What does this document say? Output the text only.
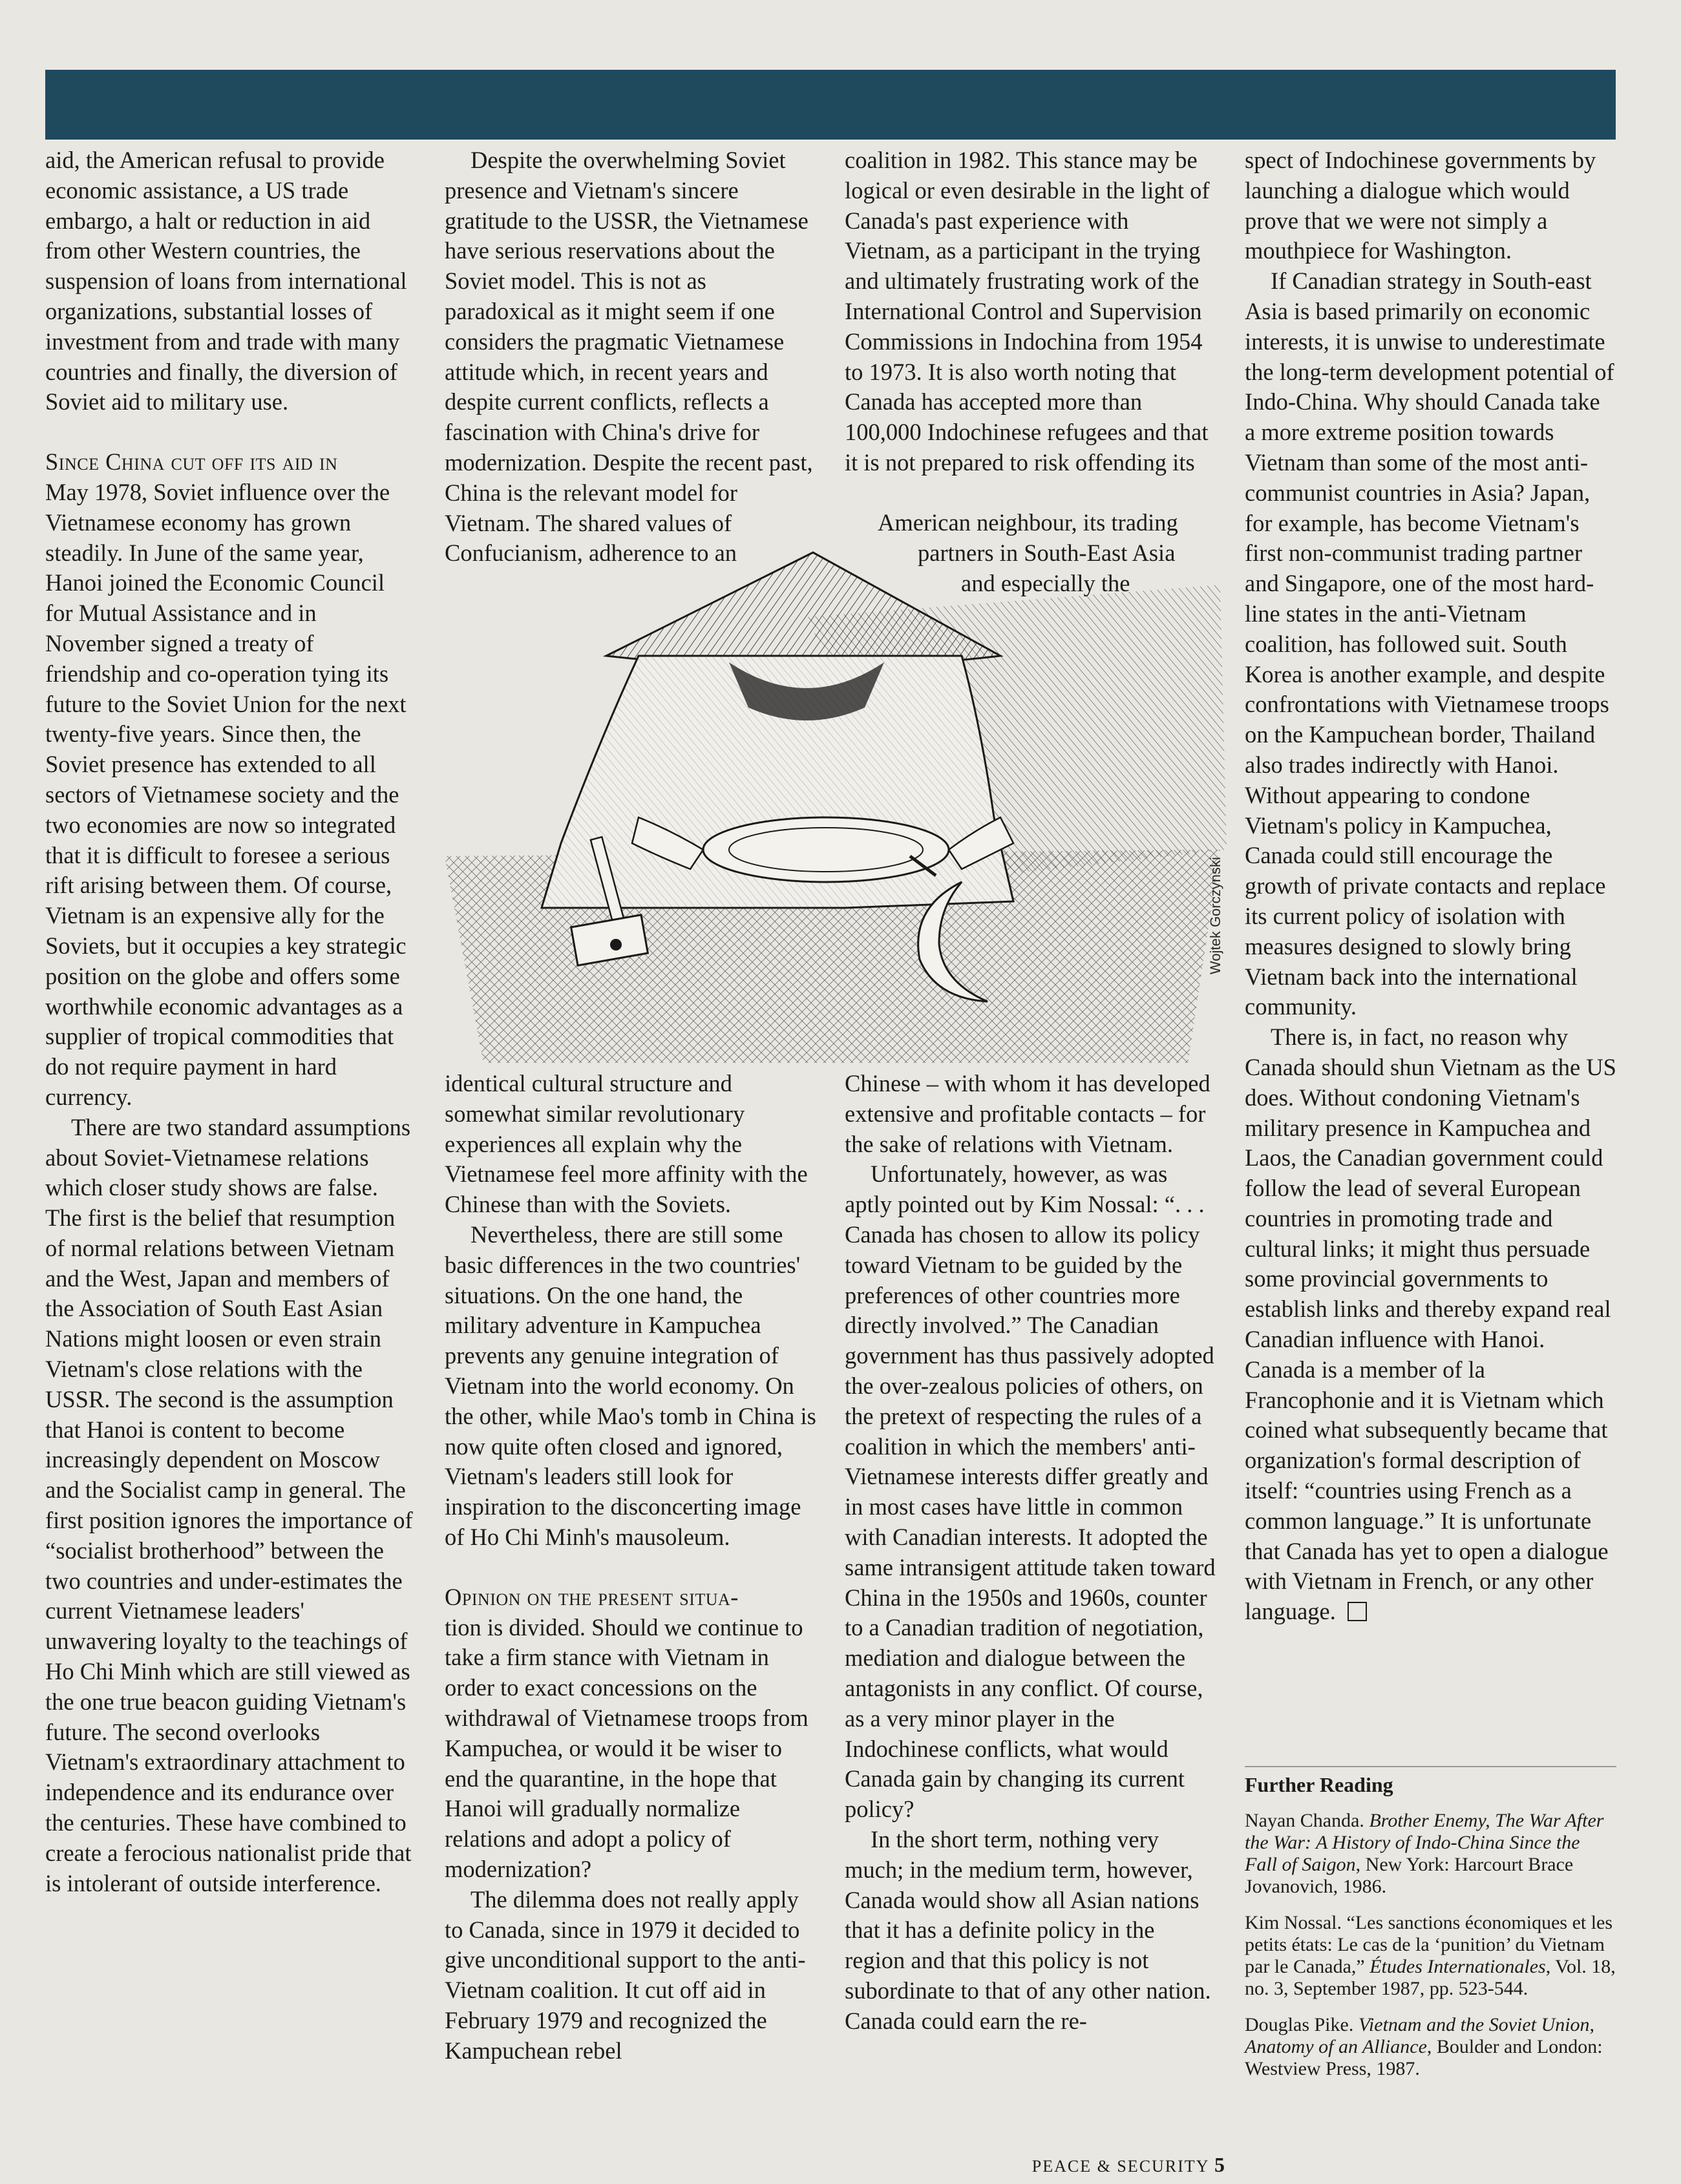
aid, the American refusal to provide economic assistance, a US trade embargo, a halt or reduction in aid from other Western countries, the suspension of loans from international organizations, substantial losses of investment from and trade with many countries and finally, the diversion of Soviet aid to military use.

Since China cut off its aid in
May 1978, Soviet influence over the Vietnamese economy has grown steadily. In June of the same year, Hanoi joined the Economic Council for Mutual Assistance and in November signed a treaty of friendship and co-operation tying its future to the Soviet Union for the next twenty-five years. Since then, the Soviet presence has extended to all sectors of Vietnamese society and the two economies are now so integrated that it is difficult to foresee a serious rift arising between them. Of course, Vietnam is an expensive ally for the Soviets, but it occupies a key strategic position on the globe and offers some worthwhile economic advantages as a supplier of tropical commodities that do not require payment in hard currency.

There are two standard assumptions about Soviet-Vietnamese relations which closer study shows are false. The first is the belief that resumption of normal relations between Vietnam and the West, Japan and members of the Association of South East Asian Nations might loosen or even strain Vietnam's close relations with the USSR. The second is the assumption that Hanoi is content to become increasingly dependent on Moscow and the Socialist camp in general. The first position ignores the importance of “socialist brotherhood” between the two countries and under-estimates the current Vietnamese leaders' unwavering loyalty to the teachings of Ho Chi Minh which are still viewed as the one true beacon guiding Vietnam's future. The second overlooks Vietnam's extraordinary attachment to independence and its endurance over the centuries. These have combined to create a ferocious nationalist pride that is intolerant of outside interference.

Despite the overwhelming Soviet presence and Vietnam's sincere gratitude to the USSR, the Vietnamese have serious reservations about the Soviet model. This is not as paradoxical as it might seem if one considers the pragmatic Vietnamese attitude which, in recent years and despite current conflicts, reflects a fascination with China's drive for modernization. Despite the recent past, China is the relevant model for Vietnam. The shared values of Confucianism, adherence to an

coalition in 1982. This stance may be logical or even desirable in the light of Canada's past experience with Vietnam, as a participant in the trying and ultimately frustrating work of the International Control and Supervision Commissions in Indochina from 1954 to 1973. It is also worth noting that Canada has accepted more than 100,000 Indochinese refugees and that it is not prepared to risk offending its

American neighbour, its trading
partners in South-East Asia
and especially the
Wojtek Gorczynski

identical cultural structure and somewhat similar revolutionary experiences all explain why the Vietnamese feel more affinity with the Chinese than with the Soviets.

Nevertheless, there are still some basic differences in the two countries' situations. On the one hand, the military adventure in Kampuchea prevents any genuine integration of Vietnam into the world economy. On the other, while Mao's tomb in China is now quite often closed and ignored, Vietnam's leaders still look for inspiration to the disconcerting image of Ho Chi Minh's mausoleum.

Opinion on the present situa-
tion is divided. Should we continue to take a firm stance with Vietnam in order to exact concessions on the withdrawal of Vietnamese troops from Kampuchea, or would it be wiser to end the quarantine, in the hope that Hanoi will gradually normalize relations and adopt a policy of modernization?

The dilemma does not really apply to Canada, since in 1979 it decided to give unconditional support to the anti-Vietnam coalition. It cut off aid in February 1979 and recognized the Kampuchean rebel

Chinese – with whom it has developed extensive and profitable contacts – for the sake of relations with Vietnam.

Unfortunately, however, as was aptly pointed out by Kim Nossal: “. . . Canada has chosen to allow its policy toward Vietnam to be guided by the preferences of other countries more directly involved.” The Canadian government has thus passively adopted the over-zealous policies of others, on the pretext of respecting the rules of a coalition in which the members' anti-Vietnamese interests differ greatly and in most cases have little in common with Canadian interests. It adopted the same intransigent attitude taken toward China in the 1950s and 1960s, counter to a Canadian tradition of negotiation, mediation and dialogue between the antagonists in any conflict. Of course, as a very minor player in the Indochinese conflicts, what would Canada gain by changing its current policy?

In the short term, nothing very much; in the medium term, however, Canada would show all Asian nations that it has a definite policy in the region and that this policy is not subordinate to that of any other nation. Canada could earn the re-

spect of Indochinese governments by launching a dialogue which would prove that we were not simply a mouthpiece for Washington.

If Canadian strategy in South-east Asia is based primarily on economic interests, it is unwise to underestimate the long-term development potential of Indo-China. Why should Canada take a more extreme position towards Vietnam than some of the most anti-communist countries in Asia? Japan, for example, has become Vietnam's first non-communist trading partner and Singapore, one of the most hard-line states in the anti-Vietnam coalition, has followed suit. South Korea is another example, and despite confrontations with Vietnamese troops on the Kampuchean border, Thailand also trades indirectly with Hanoi. Without appearing to condone Vietnam's policy in Kampuchea, Canada could still encourage the growth of private contacts and replace its current policy of isolation with measures designed to slowly bring Vietnam back into the international community.

There is, in fact, no reason why Canada should shun Vietnam as the US does. Without condoning Vietnam's military presence in Kampuchea and Laos, the Canadian government could follow the lead of several European countries in promoting trade and cultural links; it might thus persuade some provincial governments to establish links and thereby expand real Canadian influence with Hanoi. Canada is a member of la Francophonie and it is Vietnam which coined what subsequently became that organization's formal description of itself: “countries using French as a common language.” It is unfortunate that Canada has yet to open a dialogue with Vietnam in French, or any other language.

Further Reading
Nayan Chanda. Brother Enemy, The War After the War: A History of Indo-China Since the Fall of Saigon, New York: Harcourt Brace Jovanovich, 1986.
Kim Nossal. “Les sanctions économiques et les petits états: Le cas de la ‘punition’ du Vietnam par le Canada,” Études Internationales, Vol. 18, no. 3, September 1987, pp. 523-544.
Douglas Pike. Vietnam and the Soviet Union, Anatomy of an Alliance, Boulder and London: Westview Press, 1987.
PEACE & SECURITY 5
